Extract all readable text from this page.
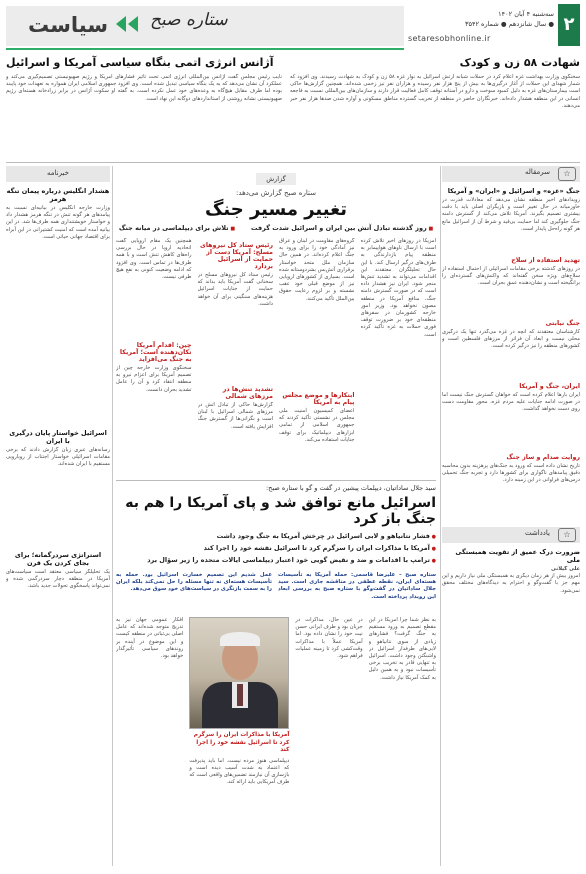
سیاست ستاره صبح	سه‌شنبه ۴ آبان ۱۴۰۲
● سال شانزدهم ● شماره ۳۵۴۲
setaresobhonline.ir
۲
شهادت ۵۸ زن و کودک
سخنگوی وزارت بهداشت غزه اعلام کرد در حملات شبانه ارتش اسرائیل به نوار غزه ۵۸ زن و کودک به شهادت رسیدند. وی افزود که شمار شهدای این حملات از آغاز درگیری‌ها به بیش از پنج هزار نفر رسیده و هزاران نفر نیز زخمی شده‌اند. همچنین گزارش‌ها حاکی است بیمارستان‌های غزه به دلیل کمبود سوخت و دارو در آستانه توقف کامل فعالیت قرار دارند و سازمان‌های بین‌المللی نسبت به فاجعه انسانی در این منطقه هشدار داده‌اند. خبرنگاران حاضر در منطقه از تخریب گسترده مناطق مسکونی و آواره شدن صدها هزار نفر خبر می‌دهند.
آژانس انرژی اتمی بنگاه سیاسی آمریکا و اسرائیل
نایب رئیس مجلس گفت آژانس بین‌المللی انرژی اتمی تحت تأثیر فشارهای آمریکا و رژیم صهیونیستی تصمیم‌گیری می‌کند و عملکرد آن نشان می‌دهد که به یک بنگاه سیاسی تبدیل شده است. وی افزود جمهوری اسلامی ایران همواره به تعهدات خود پایبند بوده اما طرف مقابل هیچ‌گاه به وعده‌های خود عمل نکرده است. به گفته او سکوت آژانس در برابر زرادخانه هسته‌ای رژیم صهیونیستی نشانه روشنی از استانداردهای دوگانه این نهاد است.
سرمقاله	☆
جنگ «غزه» و اسرائیل و «ایران» و آمریکا
رویدادهای اخیر منطقه نشان می‌دهد که معادلات قدرت در خاورمیانه در حال تغییر است و بازیگران اصلی باید با دقت بیشتری تصمیم بگیرند. آمریکا تلاش می‌کند از گسترش دامنه جنگ جلوگیری کند اما حمایت بی‌قید و شرط آن از اسرائیل مانع هر گونه راه‌حل پایدار است.
تهدید استفاده از سلاح
در روزهای گذشته برخی مقامات اسرائیلی از احتمال استفاده از سلاح‌های ویژه سخن گفته‌اند که واکنش‌های گسترده‌ای را برانگیخته است و نشان‌دهنده عمق بحران است.
جنگ نیابتی
کارشناسان معتقدند که آنچه در غزه می‌گذرد تنها یک درگیری محلی نیست و ابعاد آن فراتر از مرزهای فلسطین است و کشورهای منطقه را نیز درگیر کرده است.
ایران، جنگ و آمریکا
ایران بارها اعلام کرده است که خواهان گسترش جنگ نیست اما در صورت ادامه جنایات علیه مردم غزه، محور مقاومت دست روی دست نخواهد گذاشت.
روایت صدام و ساز جنگ
تاریخ نشان داده است که ورود به جنگ‌های پرهزینه بدون محاسبه دقیق پیامدهای ناگواری برای کشورها دارد و تجربه جنگ تحمیلی درس‌های فراوانی در این زمینه دارد.
یادداشت	☆
ضرورت درک عمیق از تقویت همبستگی ملی
علی گیلانی
امروز بیش از هر زمان دیگری به همبستگی ملی نیاز داریم و این مهم جز با گفت‌وگو و احترام به دیدگاه‌های مختلف محقق نمی‌شود.
خبرنامه
هشدار انگلیس درباره پیمان تنگه هرمز
وزارت خارجه انگلیس در بیانیه‌ای نسبت به پیامدهای هر گونه تنش در تنگه هرمز هشدار داد و خواستار خویشتنداری همه طرف‌ها شد. در این بیانیه آمده است که امنیت کشتیرانی در این آبراه برای اقتصاد جهانی حیاتی است.
اسرائیل خواستار پایان درگیری با ایران
رسانه‌های عبری زبان گزارش دادند که برخی مقامات اسرائیلی خواستار اجتناب از رویارویی مستقیم با ایران شده‌اند.
استراتژی سردرگمانه؛ برای بجای کردن یک قرن
یک تحلیلگر سیاسی معتقد است سیاست‌های آمریکا در منطقه دچار سردرگمی شده و نمی‌تواند پاسخگوی تحولات جدید باشد.
گزارش
ستاره صبح گزارش می‌دهد:
تغییر مسیر جنگ
■ روز گذشته تبادل آتش بین ایران و اسرائیل شدت گرفت
■ تلاش برای دیپلماسی در میانه جنگ
آمریکا در روزهای اخیر تلاش کرده است با ارسال ناوهای هواپیمابر به منطقه پیام بازدارندگی به طرف‌های درگیر ارسال کند. با این حال تحلیلگران معتقدند این اقدامات می‌تواند به تشدید تنش‌ها منجر شود. ایران نیز هشدار داده است که در صورت گسترش دامنه جنگ، منافع آمریکا در منطقه مصون نخواهد بود. وزیر امور خارجه کشورمان در سفرهای منطقه‌ای خود بر ضرورت توقف فوری حملات به غزه تأکید کرده است.
گروه‌های مقاومت در لبنان و عراق نیز آمادگی خود را برای ورود به جنگ اعلام کرده‌اند. در همین حال سازمان ملل متحد خواستار برقراری آتش‌بس بشردوستانه شده است. بسیاری از کشورهای اروپایی نیز از موضع قبلی خود عقب نشسته و بر لزوم رعایت حقوق بین‌الملل تأکید می‌کنند.
ابتکارها و موضع مجلس پیام به آمریکا
اعضای کمیسیون امنیت ملی مجلس در نشستی تأکید کردند که جمهوری اسلامی از تمامی ابزارهای دیپلماتیک برای توقف جنایات استفاده می‌کند.
رئیس ستاد کل نیروهای مسلح: آمریکا دست از حمایت از اسرائیل بردارد
رئیس ستاد کل نیروهای مسلح در سخنانی گفت آمریکا باید بداند که حمایت از جنایات اسرائیل هزینه‌های سنگینی برای آن خواهد داشت.
تشدید تنش‌ها در مرزهای شمالی
گزارش‌ها حاکی از تبادل آتش در مرزهای شمالی اسرائیل با لبنان است و نگرانی‌ها از گسترش جنگ افزایش یافته است.
همچنین یک مقام اروپایی گفت اتحادیه اروپا در حال بررسی راه‌های کاهش تنش است و با همه طرف‌ها در تماس است. وی افزود که ادامه وضعیت کنونی به نفع هیچ طرفی نیست.
چین: اقدام آمریکا تکان‌دهنده است؛ آمریکا به جنگ می‌افزاید
سخنگوی وزارت خارجه چین از تصمیم آمریکا برای اعزام نیرو به منطقه انتقاد کرد و آن را عامل تشدید بحران دانست.
سید جلال ساداتیان، دیپلمات پیشین در گفت و گو با ستاره صبح:
اسرائیل مانع توافق شد و پای آمریکا را هم به جنگ باز کرد
● فشار نتانیاهو و لابی اسرائیل در چرخش آمریکا به جنگ وجود داشت
● آمریکا با مذاکرات ایران را سرگرم کرد تا اسرائیل نقشه خود را اجرا کند
● ترامپ با اقدامات و ضد و نقیض گویی خود اعتبار دیپلماسی ایالات متحده را زیر سؤال برد
ستاره صبح – علیرضا قاسمی: حمله آمریکا به تأسیسات هسته‌ای ایران، نقطه عطفی در مناقشه جاری است. سید جلال ساداتیان در گفت‌وگو با ستاره صبح به بررسی ابعاد این رویداد پرداخته است.
عمل شدیم این تصمیم خسارت اسرائیل بود. حمله به تأسیسات هسته‌ای نه تنها مسئله را حل نمی‌کند بلکه ایران را به سمت بازنگری در سیاست‌های خود سوق می‌دهد.
به نظر شما چرا آمریکا در این مقطع تصمیم به ورود مستقیم به جنگ گرفت؟ فشارهای زیادی از سوی نتانیاهو و لابی‌های طرفدار اسرائیل در واشنگتن وجود داشت. اسرائیل به تنهایی قادر به تخریب برخی تأسیسات نبود و به همین دلیل به کمک آمریکا نیاز داشت.
در عین حال، مذاکرات در جریان بود و طرف ایرانی حسن نیت خود را نشان داده بود. اما آمریکا عملاً با مذاکرات وقت‌کشی کرد تا زمینه عملیات فراهم شود.
آمریکا با مذاکرات ایران را سرگرم کرد تا اسرائیل نقشه خود را اجرا کند
دیپلماسی هنوز مرده نیست. اما باید پذیرفت که اعتماد به شدت آسیب دیده است و بازسازی آن نیازمند تضمین‌های واقعی است که طرف آمریکایی باید ارائه کند.
افکار عمومی جهان نیز به تدریج متوجه شده‌اند که عامل اصلی بی‌ثباتی در منطقه کیست و این موضوع در آینده بر روندهای سیاسی تأثیرگذار خواهد بود.
